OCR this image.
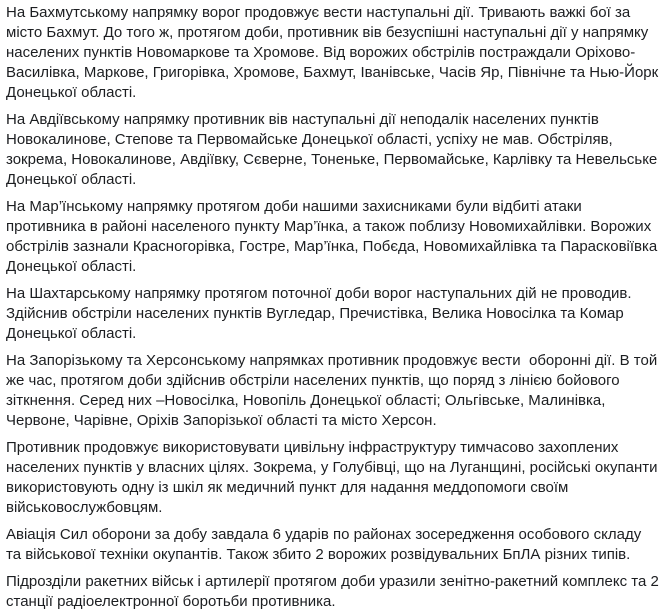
На Бахмутському напрямку ворог продовжує вести наступальні дії. Тривають важкі бої за місто Бахмут. До того ж, протягом доби, противник вів безуспішні наступальні дії у напрямку населених пунктів Новомаркове та Хромове. Від ворожих обстрілів постраждали Оріхово-Василівка, Маркове, Григорівка, Хромове, Бахмут, Іванівське, Часів Яр, Північне та Нью-Йорк Донецької області.

На Авдіївському напрямку противник вів наступальні дії неподалік населених пунктів Новокалинове, Степове та Первомайське Донецької області, успіху не мав. Обстріляв, зокрема, Новокалинове, Авдіївку, Сєверне, Тоненьке, Первомайське, Карлівку та Невельське Донецької області.

На Мар’їнському напрямку протягом доби нашими захисниками були відбиті атаки противника в районі населеного пункту Мар’їнка, а також поблизу Новомихайлівки. Ворожих обстрілів зазнали Красногорівка, Гостре, Мар’їнка, Побєда, Новомихайлівка та Парасковіївка Донецької області.

На Шахтарському напрямку протягом поточної доби ворог наступальних дій не проводив. Здійснив обстріли населених пунктів Вугледар, Пречистівка, Велика Новосілка та Комар Донецької області.

На Запорізькому та Херсонському напрямках противник продовжує вести  оборонні дії. В той же час, протягом доби здійснив обстріли населених пунктів, що поряд з лінією бойового зіткнення. Серед них –Новосілка, Новопіль Донецької області; Ольгівське, Малинівка, Червоне, Чарівне, Оріхів Запорізької області та місто Херсон.

Противник продовжує використовувати цивільну інфраструктуру тимчасово захоплених населених пунктів у власних цілях. Зокрема, у Голубівці, що на Луганщині, російські окупанти використовують одну із шкіл як медичний пункт для надання меддопомоги своїм військовослужбовцям.

Авіація Сил оборони за добу завдала 6 ударів по районах зосередження особового складу та військової техніки окупантів. Також збито 2 ворожих розвідувальних БпЛА різних типів.

Підрозділи ракетних військ і артилерії протягом доби уразили зенітно-ракетний комплекс та 2 станції радіоелектронної боротьби противника.
